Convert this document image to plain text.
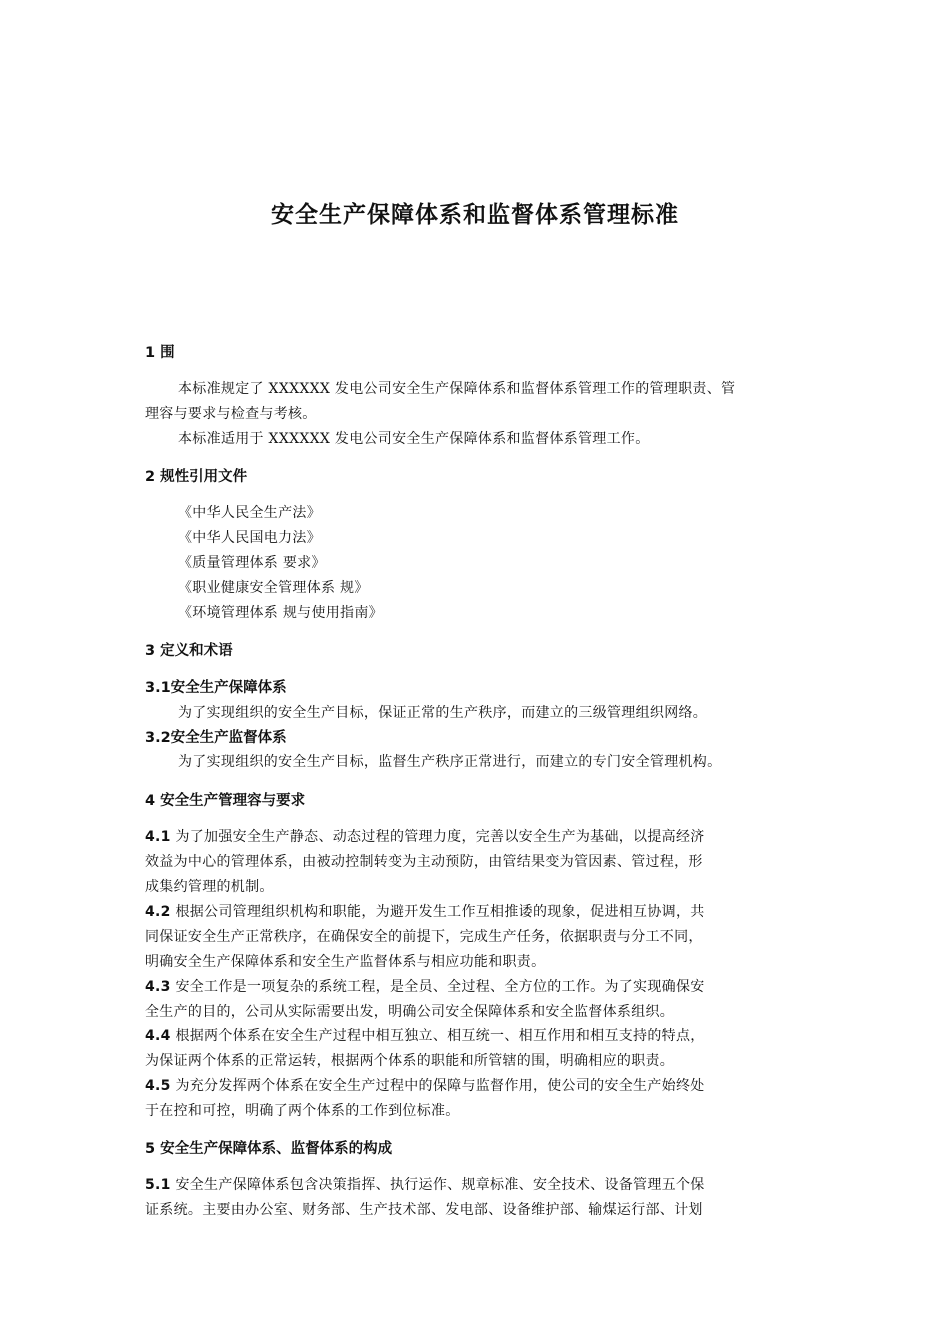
安全生产保障体系和监督体系管理标准
1 围
本标准规定了 XXXXXX 发电公司安全生产保障体系和监督体系管理工作的管理职责、管
理容与要求与检查与考核。
本标准适用于 XXXXXX 发电公司安全生产保障体系和监督体系管理工作。
2 规性引用文件
《中华人民全生产法》
《中华人民国电力法》
《质量管理体系 要求》
《职业健康安全管理体系 规》
《环境管理体系 规与使用指南》
3 定义和术语
3.1安全生产保障体系
为了实现组织的安全生产目标，保证正常的生产秩序，而建立的三级管理组织网络。
3.2安全生产监督体系
为了实现组织的安全生产目标，监督生产秩序正常进行，而建立的专门安全管理机构。
4 安全生产管理容与要求
4.1 为了加强安全生产静态、动态过程的管理力度，完善以安全生产为基础，以提高经济
效益为中心的管理体系，由被动控制转变为主动预防，由管结果变为管因素、管过程，形
成集约管理的机制。
4.2 根据公司管理组织机构和职能，为避开发生工作互相推诿的现象，促进相互协调，共
同保证安全生产正常秩序，在确保安全的前提下，完成生产任务，依据职责与分工不同，
明确安全生产保障体系和安全生产监督体系与相应功能和职责。
4.3 安全工作是一项复杂的系统工程，是全员、全过程、全方位的工作。为了实现确保安
全生产的目的，公司从实际需要出发，明确公司安全保障体系和安全监督体系组织。
4.4 根据两个体系在安全生产过程中相互独立、相互统一、相互作用和相互支持的特点，
为保证两个体系的正常运转，根据两个体系的职能和所管辖的围，明确相应的职责。
4.5 为充分发挥两个体系在安全生产过程中的保障与监督作用，使公司的安全生产始终处
于在控和可控，明确了两个体系的工作到位标准。
5 安全生产保障体系、监督体系的构成
5.1 安全生产保障体系包含决策指挥、执行运作、规章标准、安全技术、设备管理五个保
证系统。主要由办公室、财务部、生产技术部、发电部、设备维护部、输煤运行部、计划
